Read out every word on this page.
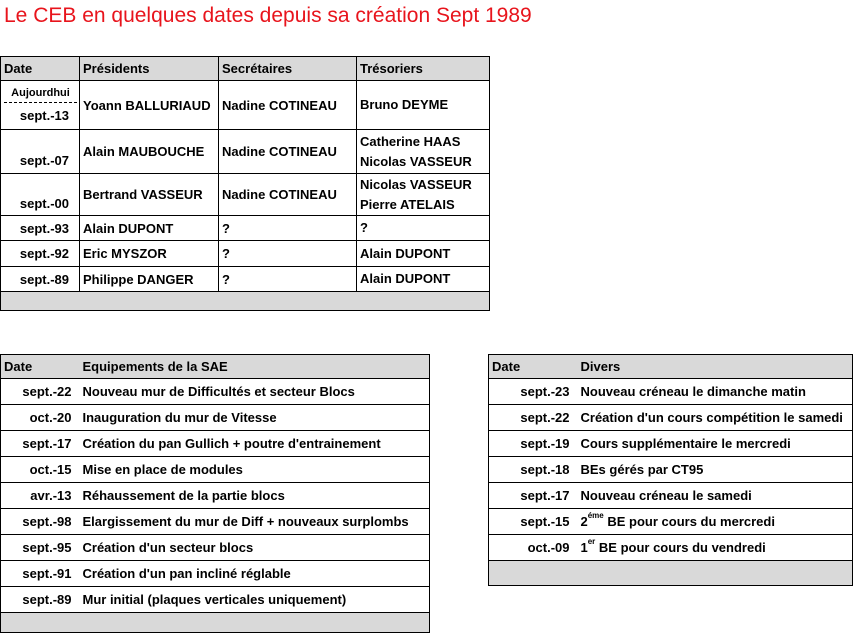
Le CEB en quelques dates depuis sa création Sept 1989
Date	Présidents	Secrétaires	Trésoriers

Aujourdhui
sept.-13	Yoann BALLURIAUD	Nadine COTINEAU	Bruno DEYME

sept.-07	Alain MAUBOUCHE	Nadine COTINEAU	Catherine HAAS
Nicolas VASSEUR

sept.-00	Bertrand VASSEUR	Nadine COTINEAU	Nicolas VASSEUR
Pierre ATELAIS

sept.-93	Alain DUPONT	?	?

sept.-92	Eric MYSZOR	?	Alain DUPONT

sept.-89	Philippe DANGER	?	Alain DUPONT

Date	Equipements de la SAE
sept.-22	Nouveau mur de Difficultés et secteur Blocs
oct.-20	Inauguration du mur de Vitesse
sept.-17	Création du pan Gullich + poutre d'entrainement
oct.-15	Mise en place de modules
avr.-13	Réhaussement de la partie blocs
sept.-98	Elargissement du mur de Diff + nouveaux surplombs
sept.-95	Création d'un secteur blocs
sept.-91	Création d'un pan incliné réglable
sept.-89	Mur initial (plaques verticales uniquement)

Date	Divers
sept.-23	Nouveau créneau le dimanche matin
sept.-22	Création d'un cours compétition le samedi
sept.-19	Cours supplémentaire le mercredi
sept.-18	BEs gérés par CT95
sept.-17	Nouveau créneau le samedi
sept.-15	$2^{éme}$ BE pour cours du mercredi
oct.-09	1er BE pour cours du vendredi
